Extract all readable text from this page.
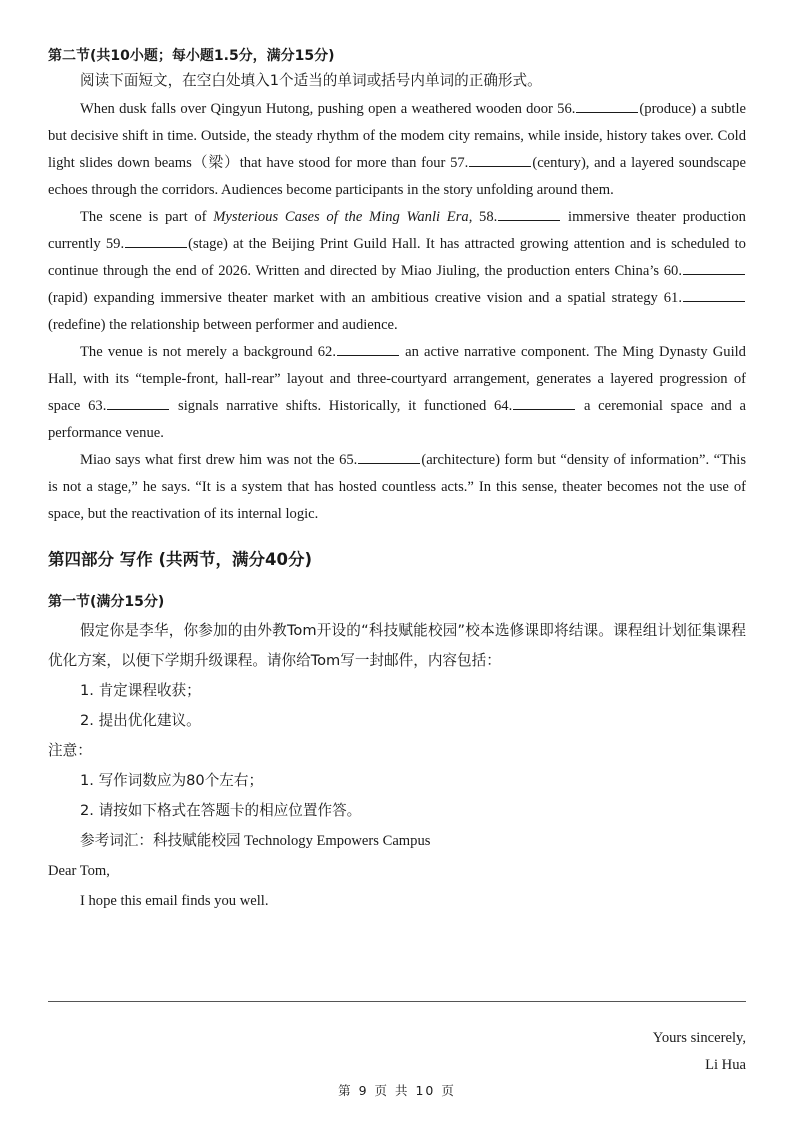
第二节(共10小题；每小题1.5分，满分15分)

阅读下面短文，在空白处填入1个适当的单词或括号内单词的正确形式。

When dusk falls over Qingyun Hutong, pushing open a weathered wooden door 56.	(produce) a subtle but decisive shift in time. Outside, the steady rhythm of the modem city remains, while inside, history takes over. Cold light slides down beams（梁）that have stood for more than four 57.	(century), and a layered soundscape echoes through the corridors. Audiences become participants in the story unfolding around them.

The scene is part of Mysterious Cases of the Ming Wanli Era, 58.	immersive theater production currently 59.	(stage) at the Beijing Print Guild Hall. It has attracted growing attention and is scheduled to continue through the end of 2026. Written and directed by Miao Jiuling, the production enters China’s 60.(rapid) expanding immersive theater market with an ambitious creative vision and a spatial strategy 61.(redefine) the relationship between performer and audience.

The venue is not merely a background 62.	an active narrative component. The Ming Dynasty Guild Hall, with its “temple-front, hall-rear” layout and three-courtyard arrangement, generates a layered progression of space 63.	signals narrative shifts. Historically, it functioned 64.	a ceremonial space and a performance venue.

Miao says what first drew him was not the 65.	(architecture) form but “density of information”. “This is not a stage,” he says. “It is a system that has hosted countless acts.” In this sense, theater becomes not the use of space, but the reactivation of its internal logic.

第四部分 写作 (共两节，满分40分)

第一节(满分15分)

假定你是李华，你参加的由外教Tom开设的“科技赋能校园”校本选修课即将结课。课程组计划征集课程优化方案，以便下学期升级课程。请你给Tom写一封邮件，内容包括：

1. 肯定课程收获；

2. 提出优化建议。

注意：

1. 写作词数应为80个左右；

2. 请按如下格式在答题卡的相应位置作答。

参考词汇：科技赋能校园 Technology Empowers Campus

Dear Tom,

I hope this email finds you well.

Yours sincerely,
Li Hua
第 9 页 共 10 页
